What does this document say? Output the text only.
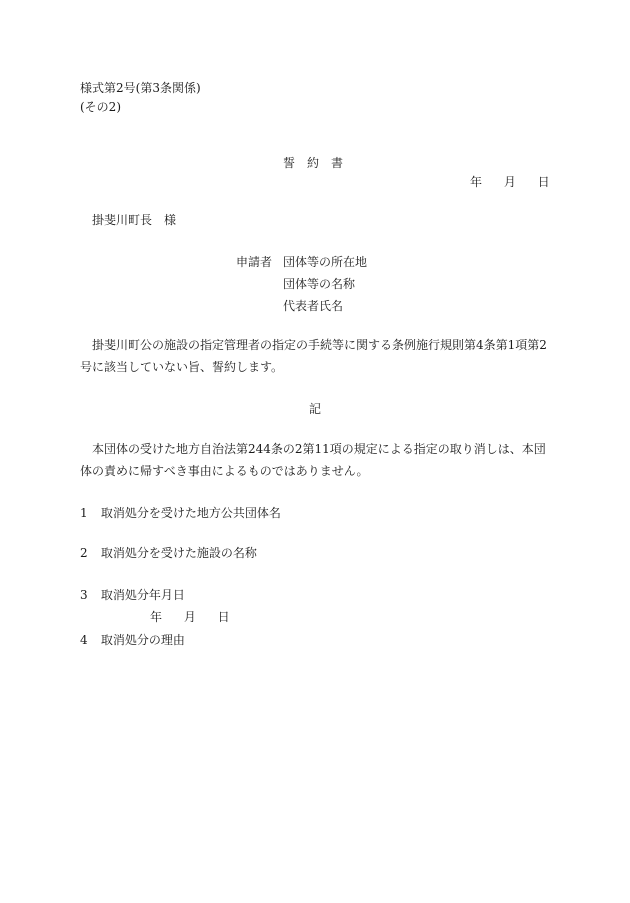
様式第2号(第3条関係)
(その2)
誓約書
年 月 日
掛斐川町長　様
申請者 団体等の所在地
団体等の名称
代表者氏名
掛斐川町公の施設の指定管理者の指定の手続等に関する条例施行規則第4条第1項第2号に該当していない旨、誓約します。
記
本団体の受けた地方自治法第244条の2第11項の規定による指定の取り消しは、本団体の責めに帰すべき事由によるものではありません。
1 取消処分を受けた地方公共団体名
2 取消処分を受けた施設の名称
3 取消処分年月日
年 月 日
4 取消処分の理由
